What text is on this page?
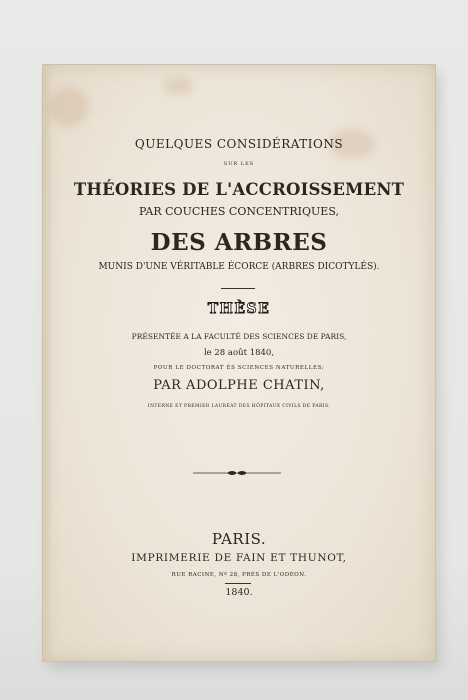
QUELQUES CONSIDÉRATIONS
SUR LES
THÉORIES DE L'ACCROISSEMENT
PAR COUCHES CONCENTRIQUES,
DES ARBRES
MUNIS D'UNE VÉRITABLE ÉCORCE (ARBRES DICOTYLÉS).
THÈSE
PRÉSENTÉE A LA FACULTÉ DES SCIENCES DE PARIS,
le 28 août 1840,
POUR LE DOCTORAT ÈS SCIENCES NATURELLES;
PAR ADOLPHE CHATIN,
INTERNE ET PREMIER LAURÉAT DES HÔPITAUX CIVILS DE PARIS.
PARIS.
IMPRIMERIE DE FAIN ET THUNOT,
RUE RACINE, Nº 28, PRÈS DE L'ODÉON.
1840.
